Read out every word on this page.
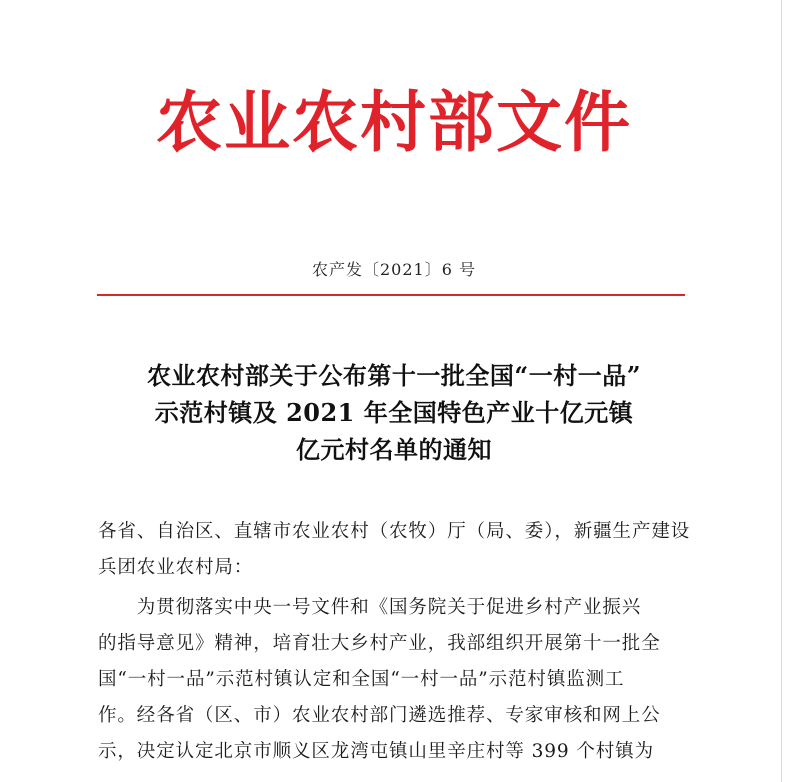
农业农村部文件
农产发〔2021〕6 号
农业农村部关于公布第十一批全国“一村一品”
示范村镇及 2021 年全国特色产业十亿元镇
亿元村名单的通知
各省、自治区、直辖市农业农村（农牧）厅（局、委），新疆生产建设
兵团农业农村局：
　　为贯彻落实中央一号文件和《国务院关于促进乡村产业振兴
的指导意见》精神，培育壮大乡村产业，我部组织开展第十一批全
国“一村一品”示范村镇认定和全国“一村一品”示范村镇监测工
作。经各省（区、市）农业农村部门遴选推荐、专家审核和网上公
示，决定认定北京市顺义区龙湾屯镇山里辛庄村等 399 个村镇为
